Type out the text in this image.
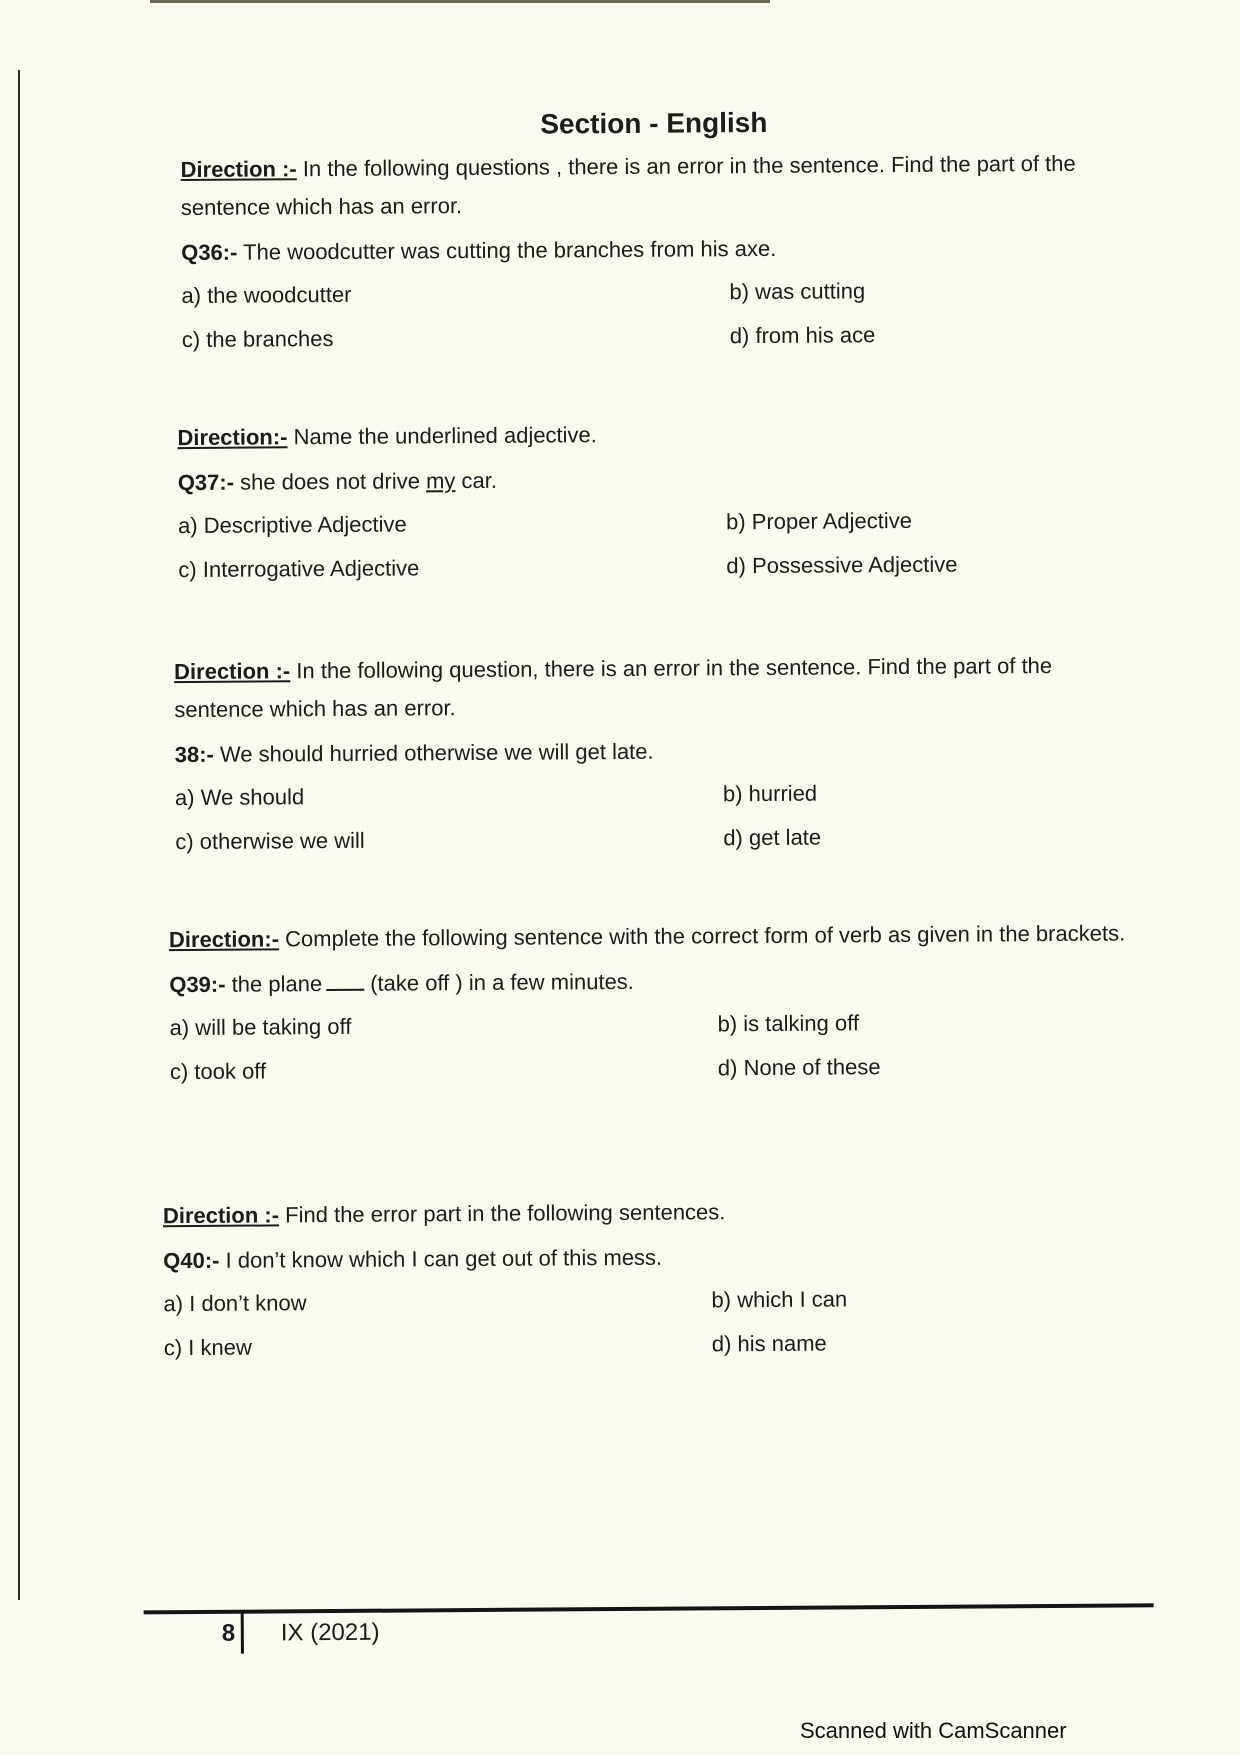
Section - English

Direction :- In the following questions , there is an error in the sentence. Find the part of the sentence which has an error.

Q36:- The woodcutter was cutting the branches from his axe.

a) the woodcutter	b) was cutting
c) the branches	d) from his ace

Direction:- Name the underlined adjective.

Q37:- she does not drive my car.

a) Descriptive Adjective	b) Proper Adjective
c) Interrogative Adjective	d) Possessive Adjective

Direction :- In the following question, there is an error in the sentence. Find the part of the sentence which has an error.

38:- We should hurried otherwise we will get late.

a) We should	b) hurried
c) otherwise we will	d) get late

Direction:- Complete the following sentence with the correct form of verb as given in the brackets.

Q39:- the plane (take off ) in a few minutes.

a) will be taking off	b) is talking off
c) took off	d) None of these

Direction :- Find the error part in the following sentences.

Q40:- I don’t know which I can get out of this mess.

a) I don’t know	b) which I can
c) I knew	d) his name
8 IX (2021)
Scanned with CamScanner
